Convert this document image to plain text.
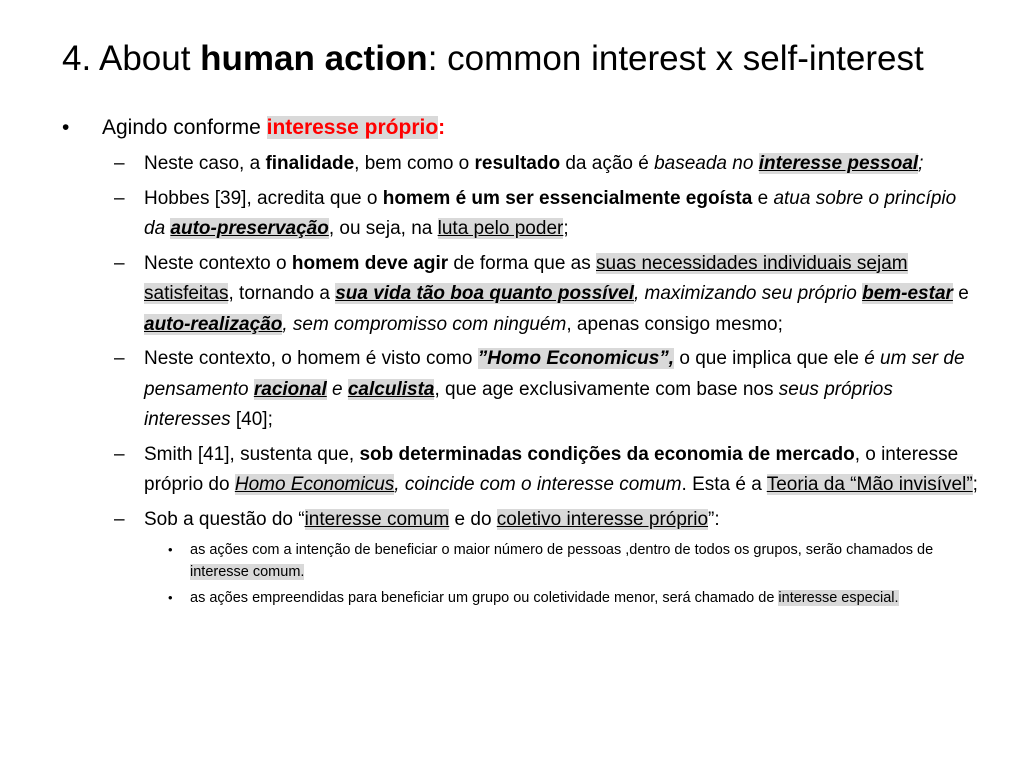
4. About human action: common interest x self-interest
• Agindo conforme interesse próprio:
– Neste caso, a finalidade, bem como o resultado da ação é baseada no interesse pessoal;
– Hobbes [39], acredita que o homem é um ser essencialmente egoísta e atua sobre o princípio da auto-preservação, ou seja, na luta pelo poder;
– Neste contexto o homem deve agir de forma que as suas necessidades individuais sejam satisfeitas, tornando a sua vida tão boa quanto possível, maximizando seu próprio bem-estar e auto-realização, sem compromisso com ninguém, apenas consigo mesmo;
– Neste contexto, o homem é visto como ”Homo Economicus”, o que implica que ele é um ser de pensamento racional e calculista, que age exclusivamente com base nos seus próprios interesses [40];
– Smith [41], sustenta que, sob determinadas condições da economia de mercado, o interesse próprio do Homo Economicus, coincide com o interesse comum. Esta é a Teoria da “Mão invisível”;
– Sob a questão do “interesse comum e do coletivo interesse próprio”:
• as ações com a intenção de beneficiar o maior número de pessoas ,dentro de todos os grupos, serão chamados de interesse comum.
• as ações empreendidas para beneficiar um grupo ou coletividade menor, será chamado de interesse especial.
